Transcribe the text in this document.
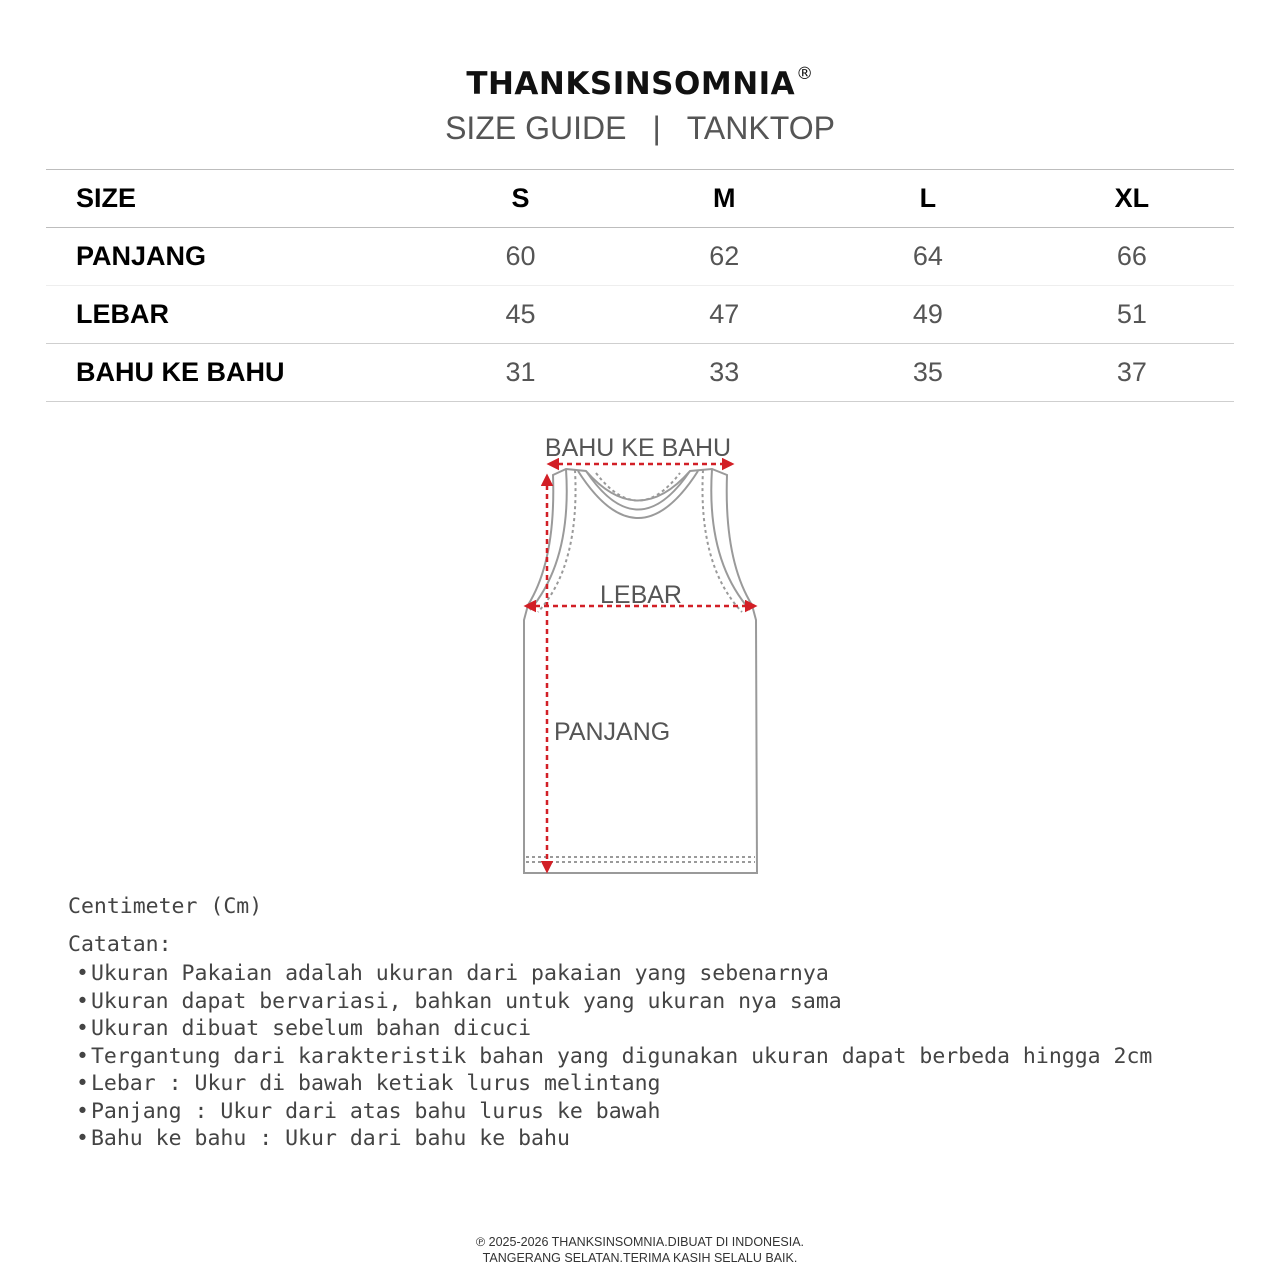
THANKSINSOMNIA®
SIZE GUIDE | TANKTOP
SIZE	S	M	L	XL
PANJANG	60	62	64	66
LEBAR	45	47	49	51
BAHU KE BAHU	31	33	35	37
BAHU KE BAHU
LEBAR
PANJANG
Centimeter (Cm)
Catatan:
•Ukuran Pakaian adalah ukuran dari pakaian yang sebenarnya
•Ukuran dapat bervariasi, bahkan untuk yang ukuran nya sama
•Ukuran dibuat sebelum bahan dicuci
•Tergantung dari karakteristik bahan yang digunakan ukuran dapat berbeda hingga 2cm
•Lebar : Ukur di bawah ketiak lurus melintang
•Panjang : Ukur dari atas bahu lurus ke bawah
•Bahu ke bahu : Ukur dari bahu ke bahu
℗ 2025-2026 THANKSINSOMNIA.DIBUAT DI INDONESIA.
TANGERANG SELATAN.TERIMA KASIH SELALU BAIK.
